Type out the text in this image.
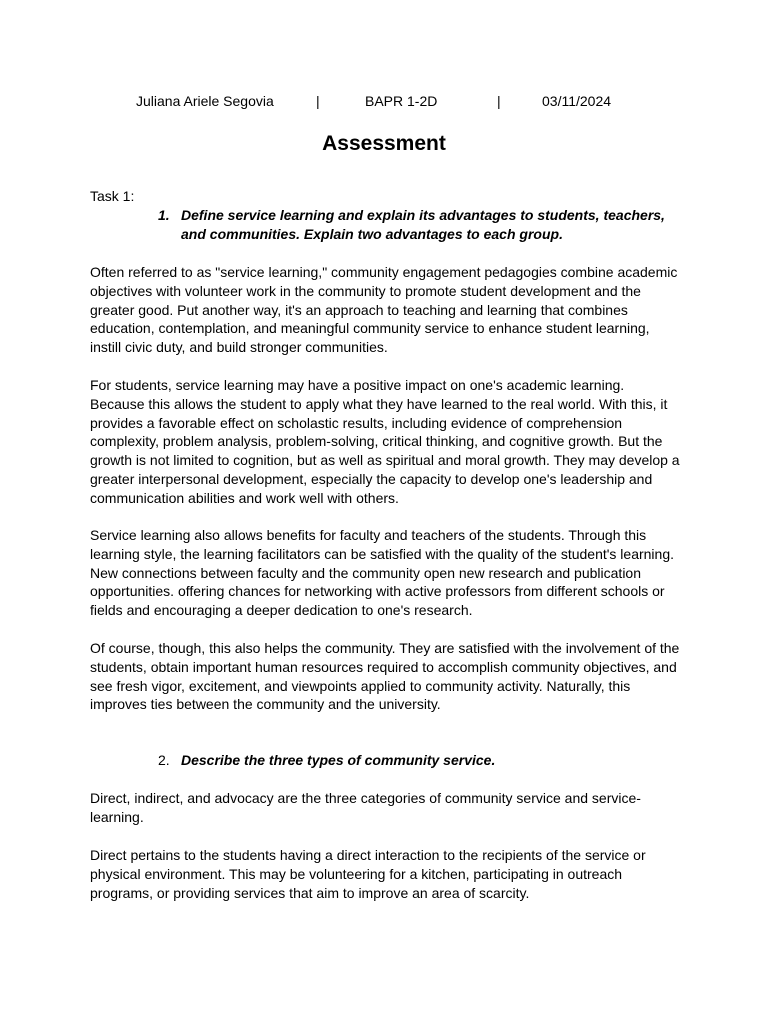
Juliana Ariele Segovia	|	BAPR 1-2D	|	03/11/2024
Assessment
Task 1:
1. Define service learning and explain its advantages to students, teachers, and communities. Explain two advantages to each group.

Often referred to as "service learning," community engagement pedagogies combine academic objectives with volunteer work in the community to promote student development and the greater good. Put another way, it's an approach to teaching and learning that combines education, contemplation, and meaningful community service to enhance student learning, instill civic duty, and build stronger communities.

For students, service learning may have a positive impact on one's academic learning. Because this allows the student to apply what they have learned to the real world. With this, it provides a favorable effect on scholastic results, including evidence of comprehension complexity, problem analysis, problem-solving, critical thinking, and cognitive growth. But the growth is not limited to cognition, but as well as spiritual and moral growth. They may develop a greater interpersonal development, especially the capacity to develop one's leadership and communication abilities and work well with others.

Service learning also allows benefits for faculty and teachers of the students. Through this learning style, the learning facilitators can be satisfied with the quality of the student's learning. New connections between faculty and the community open new research and publication opportunities. offering chances for networking with active professors from different schools or fields and encouraging a deeper dedication to one's research.

Of course, though, this also helps the community. They are satisfied with the involvement of the students, obtain important human resources required to accomplish community objectives, and see fresh vigor, excitement, and viewpoints applied to community activity. Naturally, this improves ties between the community and the university.

2. Describe the three types of community service.

Direct, indirect, and advocacy are the three categories of community service and service-learning.

Direct pertains to the students having a direct interaction to the recipients of the service or physical environment. This may be volunteering for a kitchen, participating in outreach programs, or providing services that aim to improve an area of scarcity.
